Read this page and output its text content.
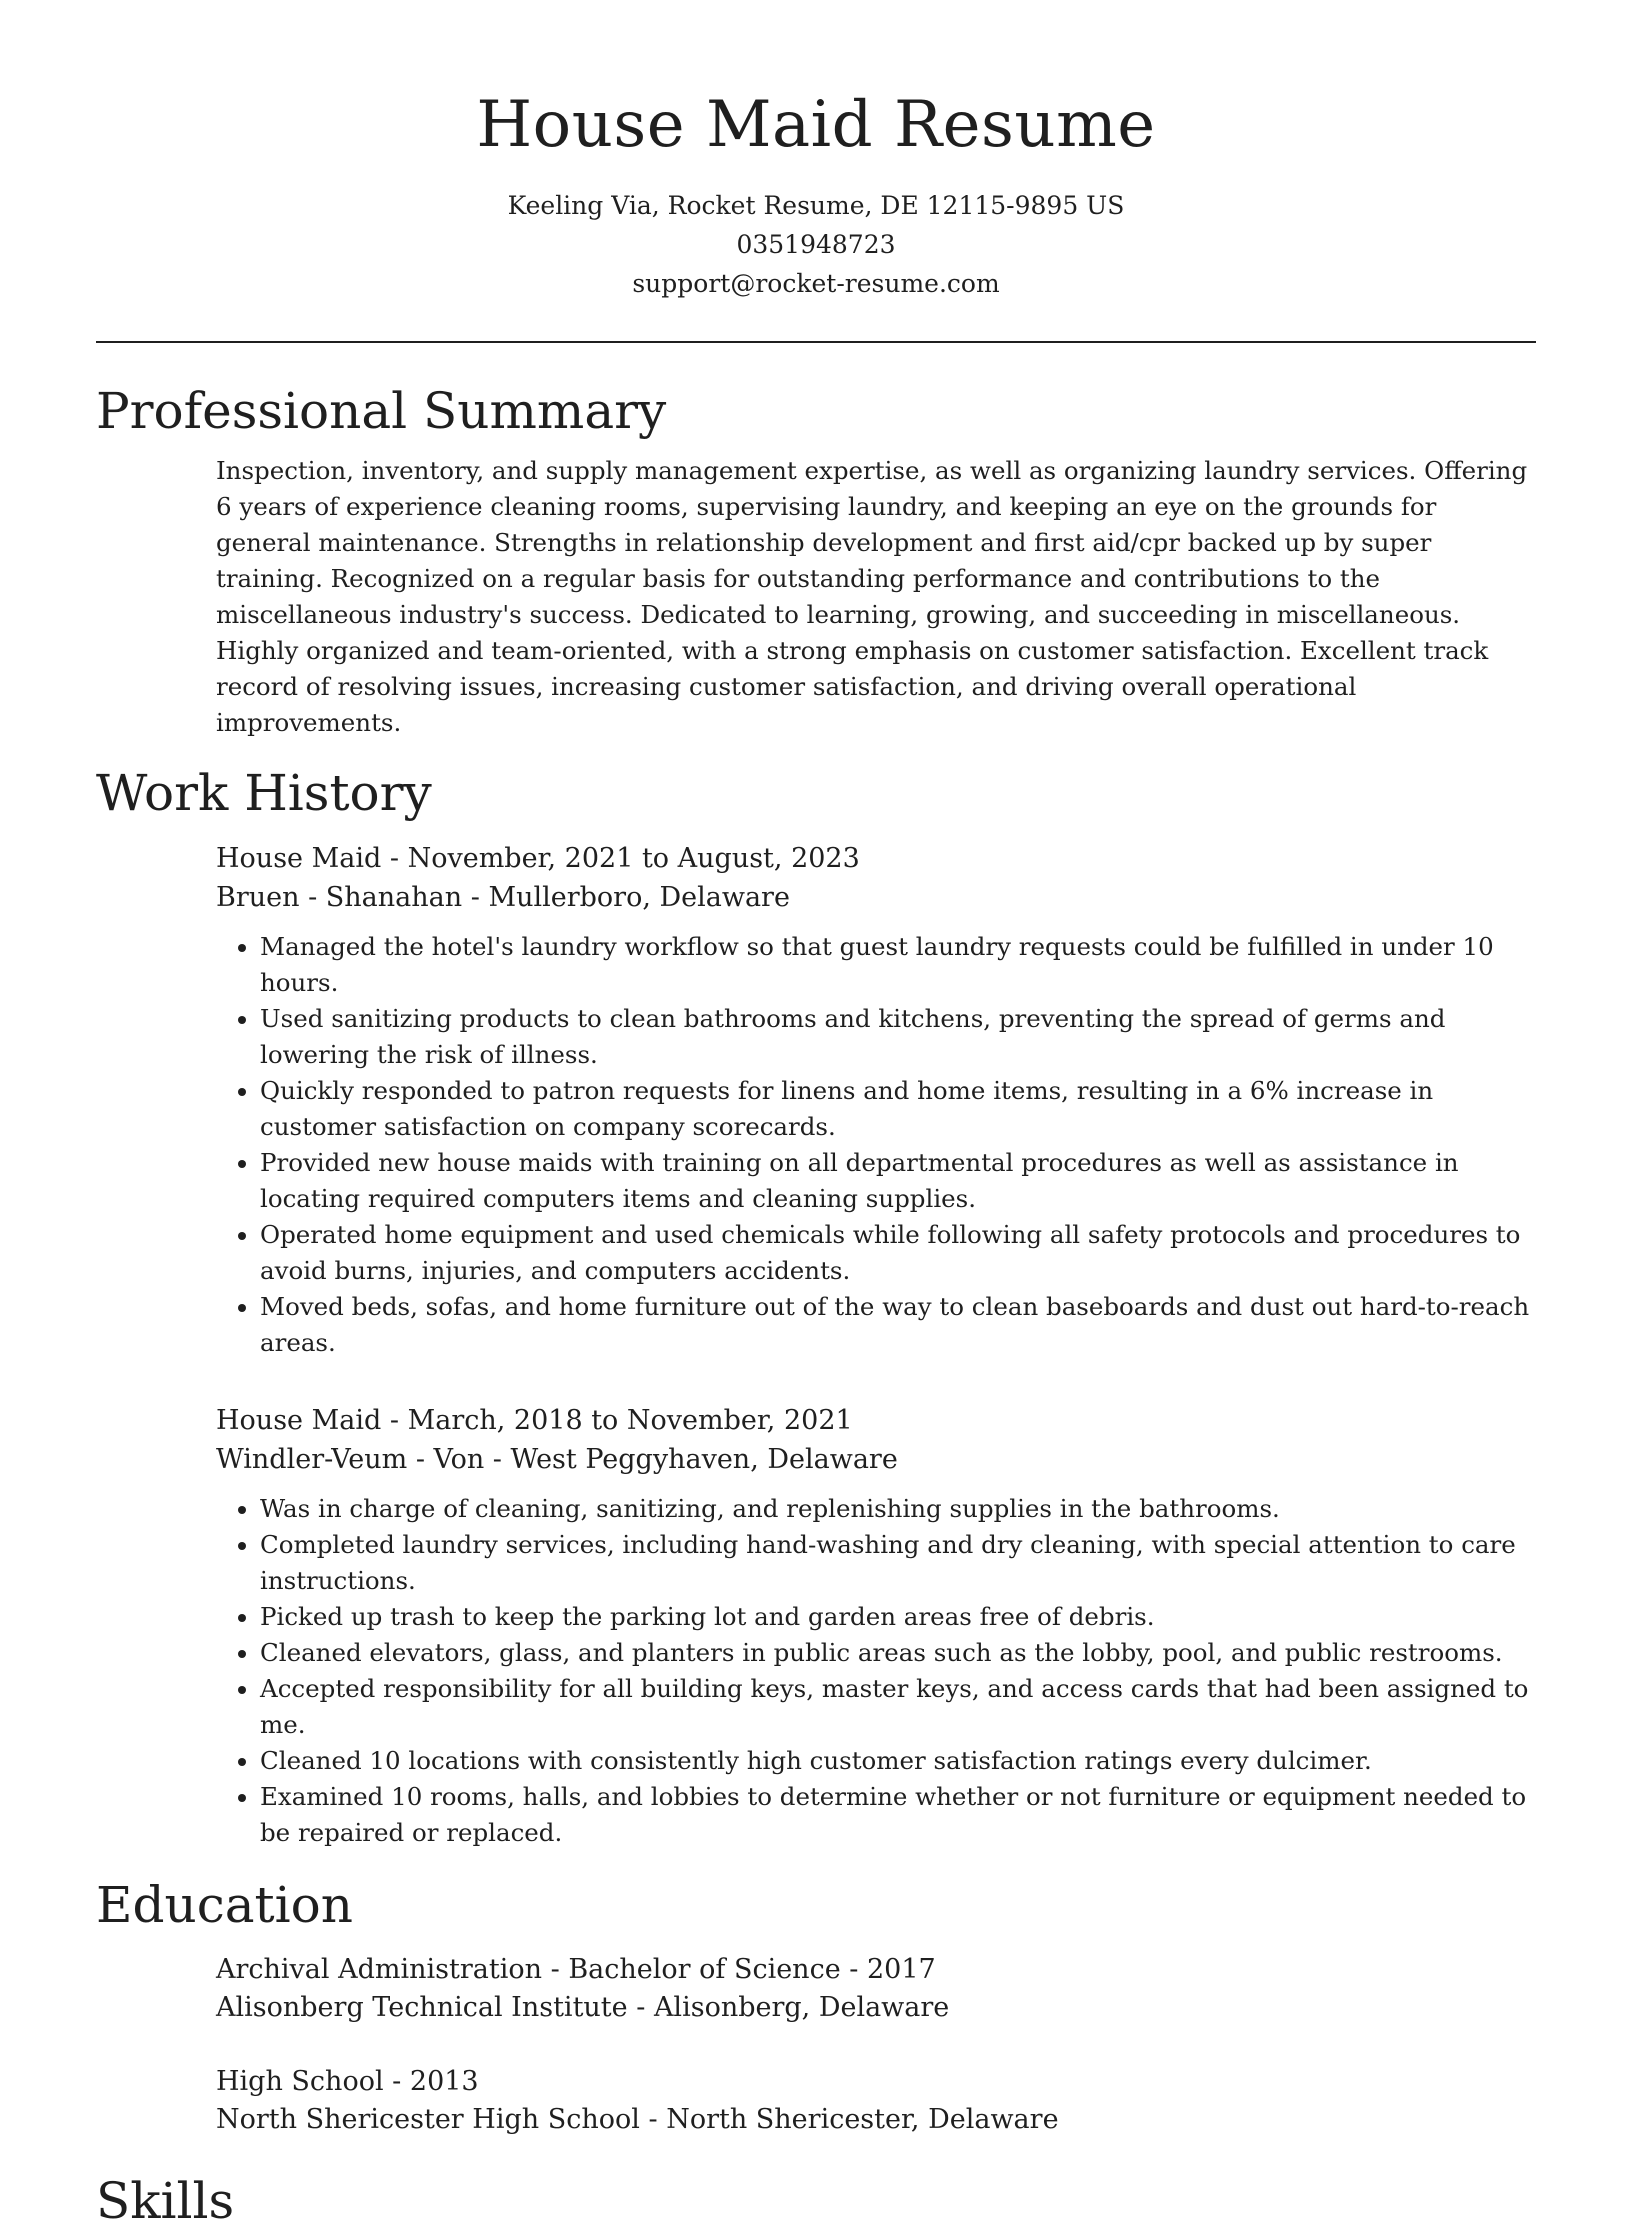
House Maid Resume
Keeling Via, Rocket Resume, DE 12115-9895 US
0351948723
support@rocket-resume.com
Professional Summary

Inspection, inventory, and supply management expertise, as well as organizing laundry services. Offering 6 years of experience cleaning rooms, supervising laundry, and keeping an eye on the grounds for general maintenance. Strengths in relationship development and first aid/cpr backed up by super training. Recognized on a regular basis for outstanding performance and contributions to the miscellaneous industry's success. Dedicated to learning, growing, and succeeding in miscellaneous. Highly organized and team-oriented, with a strong emphasis on customer satisfaction. Excellent track record of resolving issues, increasing customer satisfaction, and driving overall operational improvements.

Work History
House Maid - November, 2021 to August, 2023
Bruen - Shanahan - Mullerboro, Delaware
• Managed the hotel's laundry workflow so that guest laundry requests could be fulfilled in under 10 hours.
• Used sanitizing products to clean bathrooms and kitchens, preventing the spread of germs and lowering the risk of illness.
• Quickly responded to patron requests for linens and home items, resulting in a 6% increase in customer satisfaction on company scorecards.
• Provided new house maids with training on all departmental procedures as well as assistance in locating required computers items and cleaning supplies.
• Operated home equipment and used chemicals while following all safety protocols and procedures to avoid burns, injuries, and computers accidents.
• Moved beds, sofas, and home furniture out of the way to clean baseboards and dust out hard-to-reach areas.
House Maid - March, 2018 to November, 2021
Windler-Veum - Von - West Peggyhaven, Delaware
• Was in charge of cleaning, sanitizing, and replenishing supplies in the bathrooms.
• Completed laundry services, including hand-washing and dry cleaning, with special attention to care instructions.
• Picked up trash to keep the parking lot and garden areas free of debris.
• Cleaned elevators, glass, and planters in public areas such as the lobby, pool, and public restrooms.
• Accepted responsibility for all building keys, master keys, and access cards that had been assigned to me.
• Cleaned 10 locations with consistently high customer satisfaction ratings every dulcimer.
• Examined 10 rooms, halls, and lobbies to determine whether or not furniture or equipment needed to be repaired or replaced.
Education
Archival Administration - Bachelor of Science - 2017
Alisonberg Technical Institute - Alisonberg, Delaware
High School - 2013
North Shericester High School - North Shericester, Delaware
Skills
